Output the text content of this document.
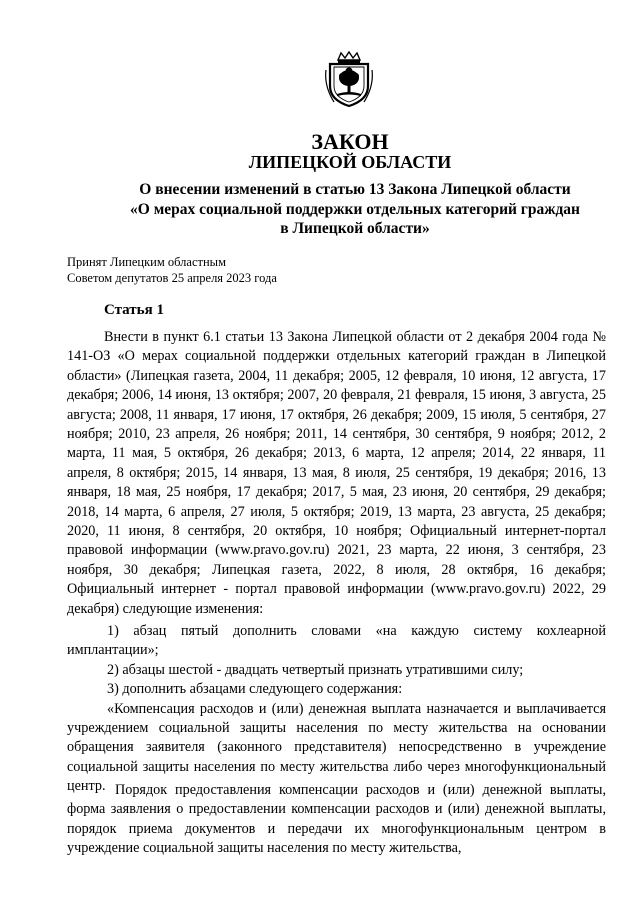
ЗАКОН
ЛИПЕЦКОЙ ОБЛАСТИ
О внесении изменений в статью 13 Закона Липецкой области
«О мерах социальной поддержки отдельных категорий граждан
в Липецкой области»
Принят Липецким областным
Советом депутатов 25 апреля 2023 года
Статья 1

Внести в пункт 6.1 статьи 13 Закона Липецкой области от 2 декабря 2004 года № 141-ОЗ «О мерах социальной поддержки отдельных категорий граждан в Липецкой области» (Липецкая газета, 2004, 11 декабря; 2005, 12 февраля, 10 июня, 12 августа, 17 декабря; 2006, 14 июня, 13 октября; 2007, 20 февраля, 21 февраля, 15 июня, 3 августа, 25 августа; 2008, 11 января, 17 июня, 17 октября, 26 декабря; 2009, 15 июля, 5 сентября, 27 ноября; 2010, 23 апреля, 26 ноября; 2011, 14 сентября, 30 сентября, 9 ноября; 2012, 2 марта, 11 мая, 5 октября, 26 декабря; 2013, 6 марта, 12 апреля; 2014, 22 января, 11 апреля, 8 октября; 2015, 14 января, 13 мая, 8 июля, 25 сентября, 19 декабря; 2016, 13 января, 18 мая, 25 ноября, 17 декабря; 2017, 5 мая, 23 июня, 20 сентября, 29 декабря; 2018, 14 марта, 6 апреля, 27 июля, 5 октября; 2019, 13 марта, 23 августа, 25 декабря; 2020, 11 июня, 8 сентября, 20 октября, 10 ноября; Официальный интернет-портал правовой информации (www.pravo.gov.ru) 2021, 23 марта, 22 июня, 3 сентября, 23 ноября, 30 декабря; Липецкая газета, 2022, 8 июля, 28 октября, 16 декабря; Официальный интернет - портал правовой информации (www.pravo.gov.ru) 2022, 29 декабря) следующие изменения:

1) абзац пятый дополнить словами «на каждую систему кохлеарной имплантации»;

2) абзацы шестой - двадцать четвертый признать утратившими силу;

3) дополнить абзацами следующего содержания:

«Компенсация расходов и (или) денежная выплата назначается и выплачивается учреждением социальной защиты населения по месту жительства на основании обращения заявителя (законного представителя) непосредственно в учреждение социальной защиты населения по месту жительства либо через многофункциональный центр. Порядок предоставления компенсации расходов и (или) денежной выплаты, форма заявления о предоставлении компенсации расходов и (или) денежной выплаты, порядок приема документов и передачи их многофункциональным центром в учреждение социальной защиты населения по месту жительства,
